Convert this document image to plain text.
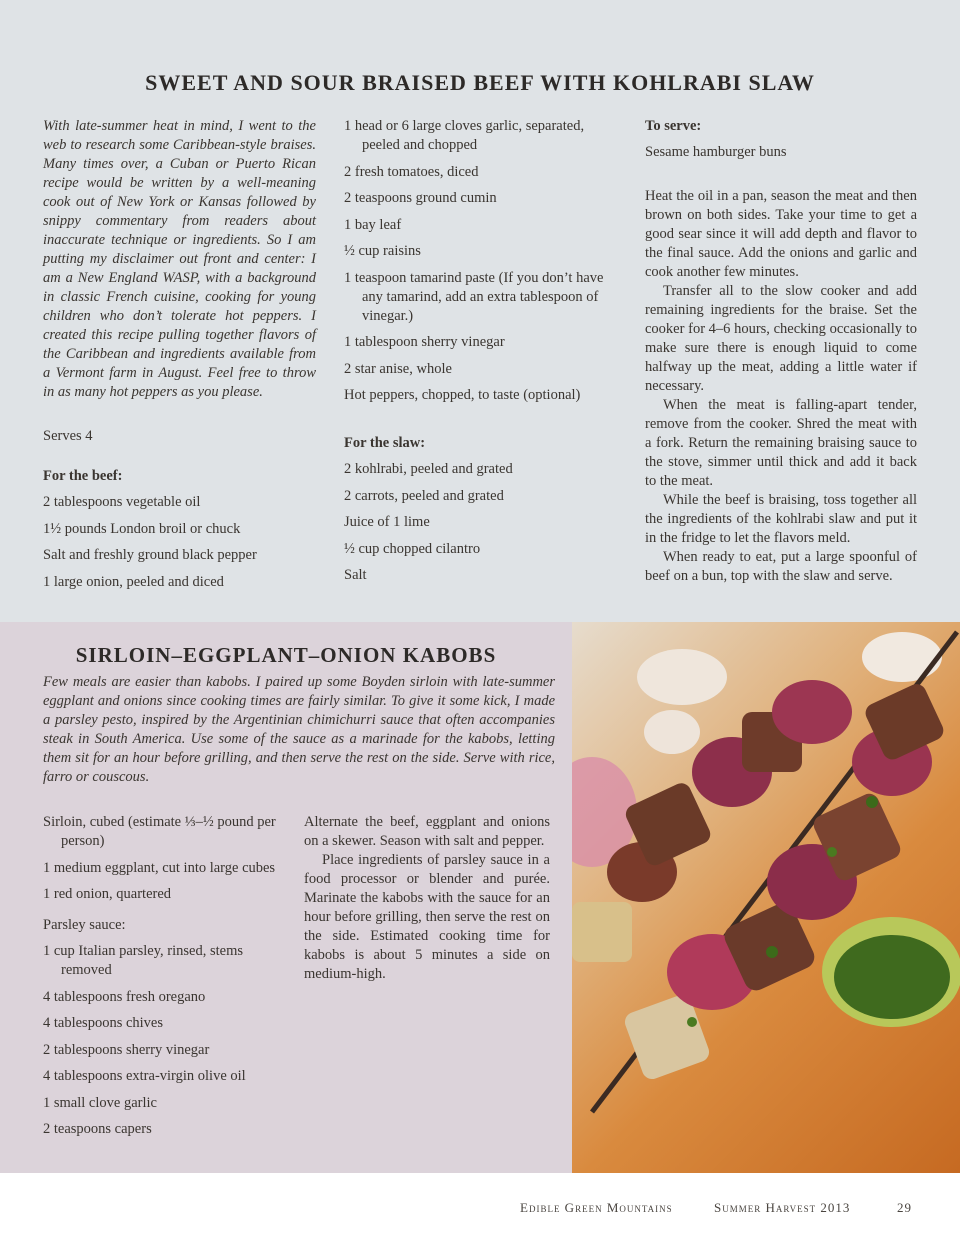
SWEET AND SOUR BRAISED BEEF WITH KOHLRABI SLAW
With late-summer heat in mind, I went to the web to research some Caribbean-style braises. Many times over, a Cuban or Puerto Rican recipe would be written by a well-meaning cook out of New York or Kansas followed by snippy commentary from readers about inaccurate technique or ingredients. So I am putting my disclaimer out front and center: I am a New England WASP, with a background in classic French cuisine, cooking for young children who don’t tolerate hot peppers. I created this recipe pulling together flavors of the Caribbean and ingredients available from a Vermont farm in August. Feel free to throw in as many hot peppers as you please.
Serves 4
For the beef:
2 tablespoons vegetable oil
1½ pounds London broil or chuck
Salt and freshly ground black pepper
1 large onion, peeled and diced
1 head or 6 large cloves garlic, separated, peeled and chopped
2 fresh tomatoes, diced
2 teaspoons ground cumin
1 bay leaf
½ cup raisins
1 teaspoon tamarind paste (If you don’t have any tamarind, add an extra tablespoon of vinegar.)
1 tablespoon sherry vinegar
2 star anise, whole
Hot peppers, chopped, to taste (optional)
For the slaw:
2 kohlrabi, peeled and grated
2 carrots, peeled and grated
Juice of 1 lime
½ cup chopped cilantro
Salt
To serve:
Sesame hamburger buns

Heat the oil in a pan, season the meat and then brown on both sides. Take your time to get a good sear since it will add depth and flavor to the final sauce. Add the onions and garlic and cook another few minutes.

Transfer all to the slow cooker and add remaining ingredients for the braise. Set the cooker for 4–6 hours, checking occasionally to make sure there is enough liquid to come halfway up the meat, adding a little water if necessary.

When the meat is falling-apart tender, remove from the cooker. Shred the meat with a fork. Return the remaining braising sauce to the stove, simmer until thick and add it back to the meat.

While the beef is braising, toss together all the ingredients of the kohlrabi slaw and put it in the fridge to let the flavors meld.

When ready to eat, put a large spoonful of beef on a bun, top with the slaw and serve.

SIRLOIN–EGGPLANT–ONION KABOBS
Few meals are easier than kabobs. I paired up some Boyden sirloin with late-summer eggplant and onions since cooking times are fairly similar. To give it some kick, I made a parsley pesto, inspired by the Argentinian chimichurri sauce that often accompanies steak in South America. Use some of the sauce as a marinade for the kabobs, letting them sit for an hour before grilling, and then serve the rest on the side. Serve with rice, farro or couscous.
Sirloin, cubed (estimate ⅓–½ pound per person)
1 medium eggplant, cut into large cubes
1 red onion, quartered
Parsley sauce:
1 cup Italian parsley, rinsed, stems removed
4 tablespoons fresh oregano
4 tablespoons chives
2 tablespoons sherry vinegar
4 tablespoons extra-virgin olive oil
1 small clove garlic
2 teaspoons capers

Alternate the beef, eggplant and onions on a skewer. Season with salt and pepper.

Place ingredients of parsley sauce in a food processor or blender and purée. Marinate the kabobs with the sauce for an hour before grilling, then serve the rest on the side. Estimated cooking time for kabobs is about 5 minutes a side on medium-high.

Edible Green Mountains	Summer Harvest 2013	29
